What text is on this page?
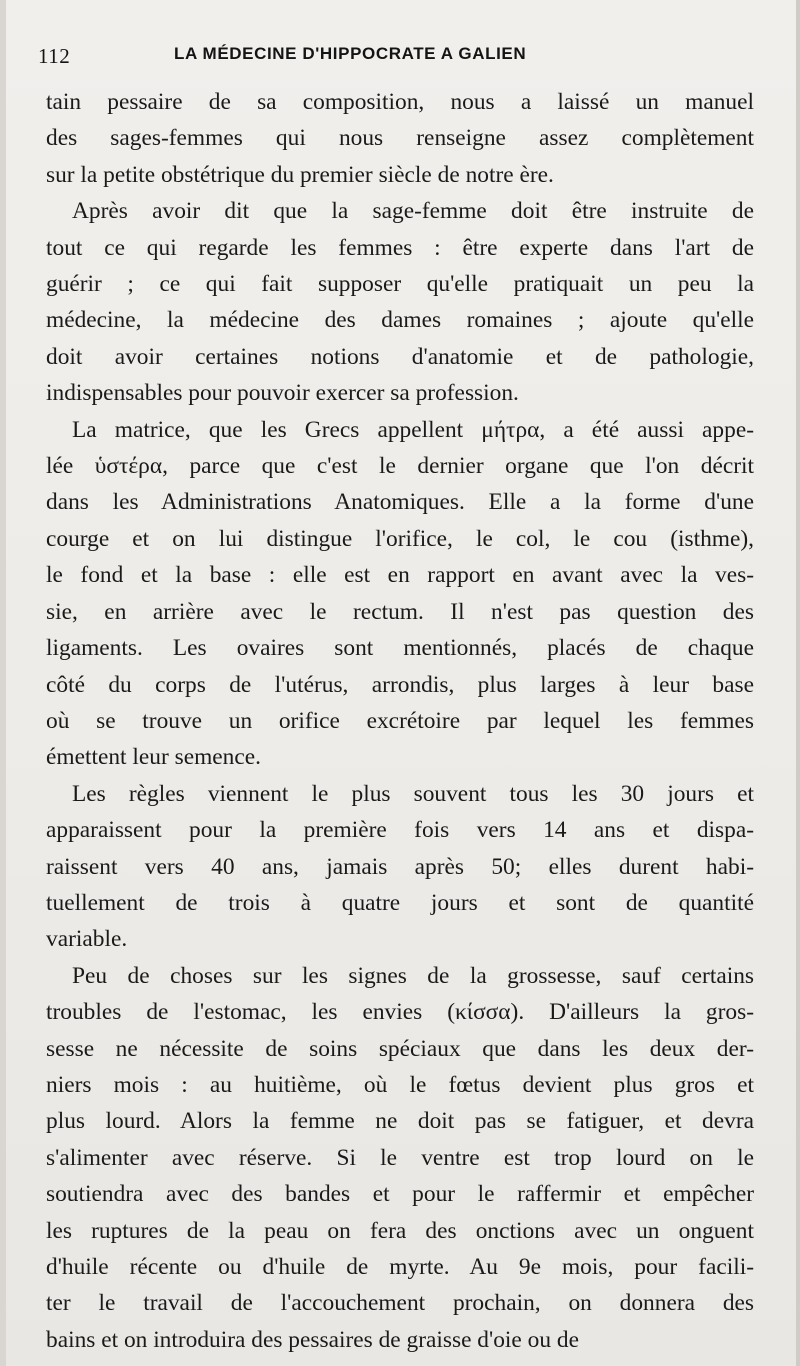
112	LA MÉDECINE D'HIPPOCRATE A GALIEN
tain pessaire de sa composition, nous a laissé un manuel
des sages-femmes qui nous renseigne assez complètement
sur la petite obstétrique du premier siècle de notre ère.
Après avoir dit que la sage-femme doit être instruite de
tout ce qui regarde les femmes : être experte dans l'art de
guérir ; ce qui fait supposer qu'elle pratiquait un peu la
médecine, la médecine des dames romaines ; ajoute qu'elle
doit avoir certaines notions d'anatomie et de pathologie,
indispensables pour pouvoir exercer sa profession.
La matrice, que les Grecs appellent μήτρα, a été aussi appe-
lée ὑστέρα, parce que c'est le dernier organe que l'on décrit
dans les Administrations Anatomiques. Elle a la forme d'une
courge et on lui distingue l'orifice, le col, le cou (isthme),
le fond et la base : elle est en rapport en avant avec la ves-
sie, en arrière avec le rectum. Il n'est pas question des
ligaments. Les ovaires sont mentionnés, placés de chaque
côté du corps de l'utérus, arrondis, plus larges à leur base
où se trouve un orifice excrétoire par lequel les femmes
émettent leur semence.
Les règles viennent le plus souvent tous les 30 jours et
apparaissent pour la première fois vers 14 ans et dispa-
raissent vers 40 ans, jamais après 50; elles durent habi-
tuellement de trois à quatre jours et sont de quantité
variable.
Peu de choses sur les signes de la grossesse, sauf certains
troubles de l'estomac, les envies (κίσσα). D'ailleurs la gros-
sesse ne nécessite de soins spéciaux que dans les deux der-
niers mois : au huitième, où le fœtus devient plus gros et
plus lourd. Alors la femme ne doit pas se fatiguer, et devra
s'alimenter avec réserve. Si le ventre est trop lourd on le
soutiendra avec des bandes et pour le raffermir et empêcher
les ruptures de la peau on fera des onctions avec un onguent
d'huile récente ou d'huile de myrte. Au 9e mois, pour facili-
ter le travail de l'accouchement prochain, on donnera des
bains et on introduira des pessaires de graisse d'oie ou de
